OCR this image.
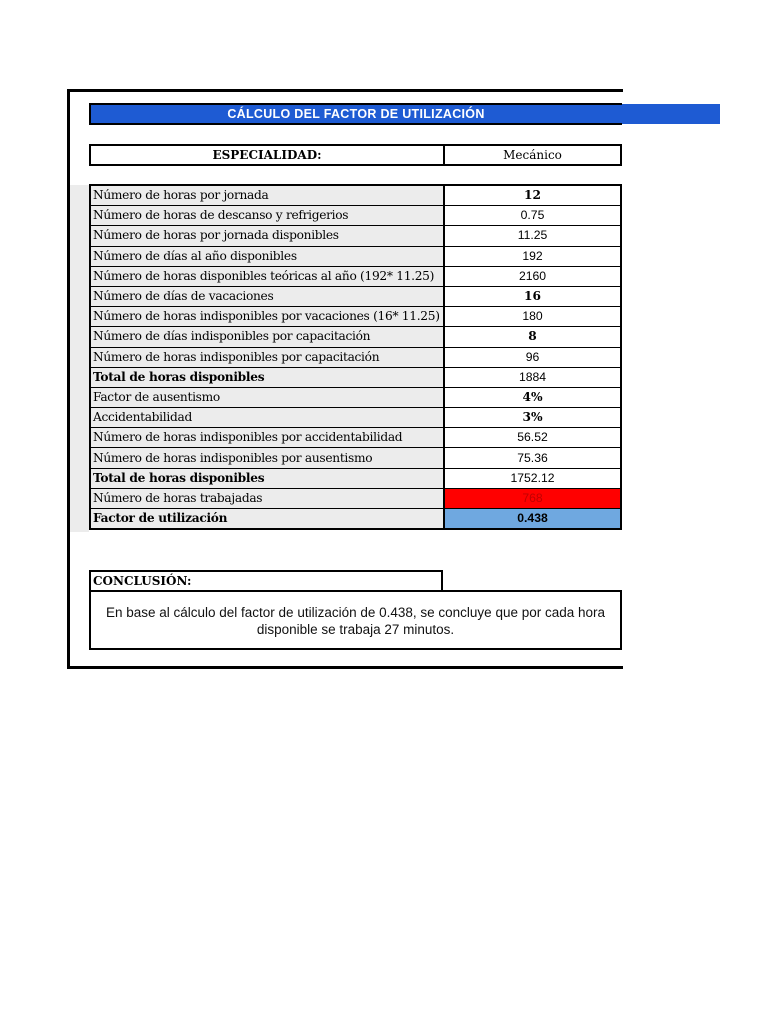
CÁLCULO DEL FACTOR DE UTILIZACIÓN
ESPECIALIDAD:	Mecánico
Número de horas por jornada	12
Número de horas de descanso y refrigerios	0.75
Número de horas por jornada disponibles	11.25
Número de días al año disponibles	192
Número de horas disponibles teóricas al año (192* 11.25)	2160
Número de días de vacaciones	16
Número de horas indisponibles por vacaciones (16* 11.25)	180
Número de días indisponibles por capacitación	8
Número de horas indisponibles por capacitación	96
Total de horas disponibles	1884
Factor de ausentismo	4%
Accidentabilidad	3%
Número de horas indisponibles por accidentabilidad	56.52
Número de horas indisponibles por ausentismo	75.36
Total de horas disponibles	1752.12
Número de horas trabajadas	768
Factor de utilización	0.438
CONCLUSIÓN:
En base al cálculo del factor de utilización de 0.438, se concluye que por cada hora disponible se trabaja 27 minutos.
